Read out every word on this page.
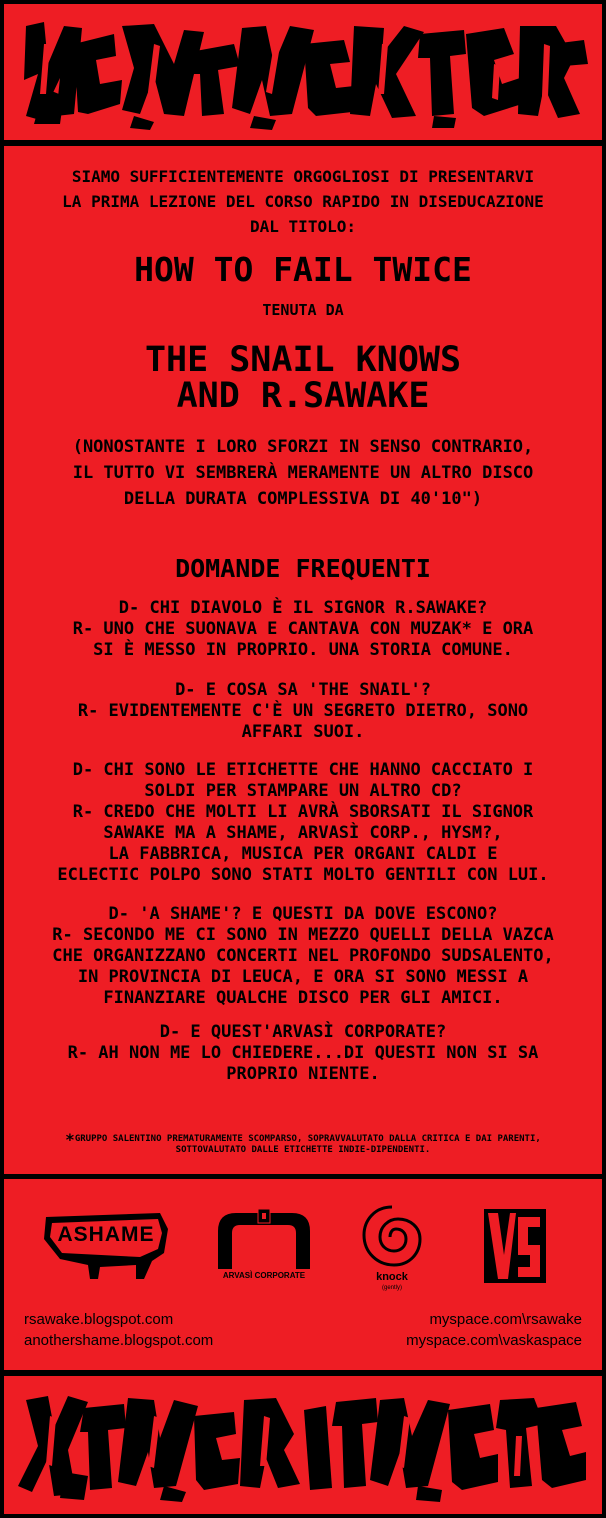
SIAMO SUFFICIENTEMENTE ORGOGLIOSI DI PRESENTARVI
LA PRIMA LEZIONE DEL CORSO RAPIDO IN DISEDUCAZIONE
DAL TITOLO:
HOW TO FAIL TWICE
TENUTA DA
THE SNAIL KNOWS
AND R.SAWAKE
(NONOSTANTE I LORO SFORZI IN SENSO CONTRARIO,
IL TUTTO VI SEMBRERÀ MERAMENTE UN ALTRO DISCO
DELLA DURATA COMPLESSIVA DI 40'10")
DOMANDE FREQUENTI
D- CHI DIAVOLO È IL SIGNOR R.SAWAKE?
R- UNO CHE SUONAVA E CANTAVA CON MUZAK* E ORA
SI È MESSO IN PROPRIO. UNA STORIA COMUNE.
D- E COSA SA 'THE SNAIL'?
R- EVIDENTEMENTE C'È UN SEGRETO DIETRO, SONO
AFFARI SUOI.
D- CHI SONO LE ETICHETTE CHE HANNO CACCIATO I
SOLDI PER STAMPARE UN ALTRO CD?
R- CREDO CHE MOLTI LI AVRÀ SBORSATI IL SIGNOR
SAWAKE MA A SHAME, ARVASÌ CORP., HYSM?,
LA FABBRICA, MUSICA PER ORGANI CALDI E
ECLECTIC POLPO SONO STATI MOLTO GENTILI CON LUI.
D- 'A SHAME'? E QUESTI DA DOVE ESCONO?
R- SECONDO ME CI SONO IN MEZZO QUELLI DELLA VAZCA
CHE ORGANIZZANO CONCERTI NEL PROFONDO SUDSALENTO,
IN PROVINCIA DI LEUCA, E ORA SI SONO MESSI A
FINANZIARE QUALCHE DISCO PER GLI AMICI.
D- E QUEST'ARVASÌ CORPORATE?
R- AH NON ME LO CHIEDERE...DI QUESTI NON SI SA
PROPRIO NIENTE.
*GRUPPO SALENTINO PREMATURAMENTE SCOMPARSO, SOPRAVVALUTATO DALLA CRITICA E DAI PARENTI,
SOTTOVALUTATO DALLE ETICHETTE INDIE-DIPENDENTI.
ASHAME
ARVASÌ CORPORATE	knock
(gently)
rsawake.blogspot.com
anothershame.blogspot.com
myspace.com\rsawake
myspace.com\vaskaspace
